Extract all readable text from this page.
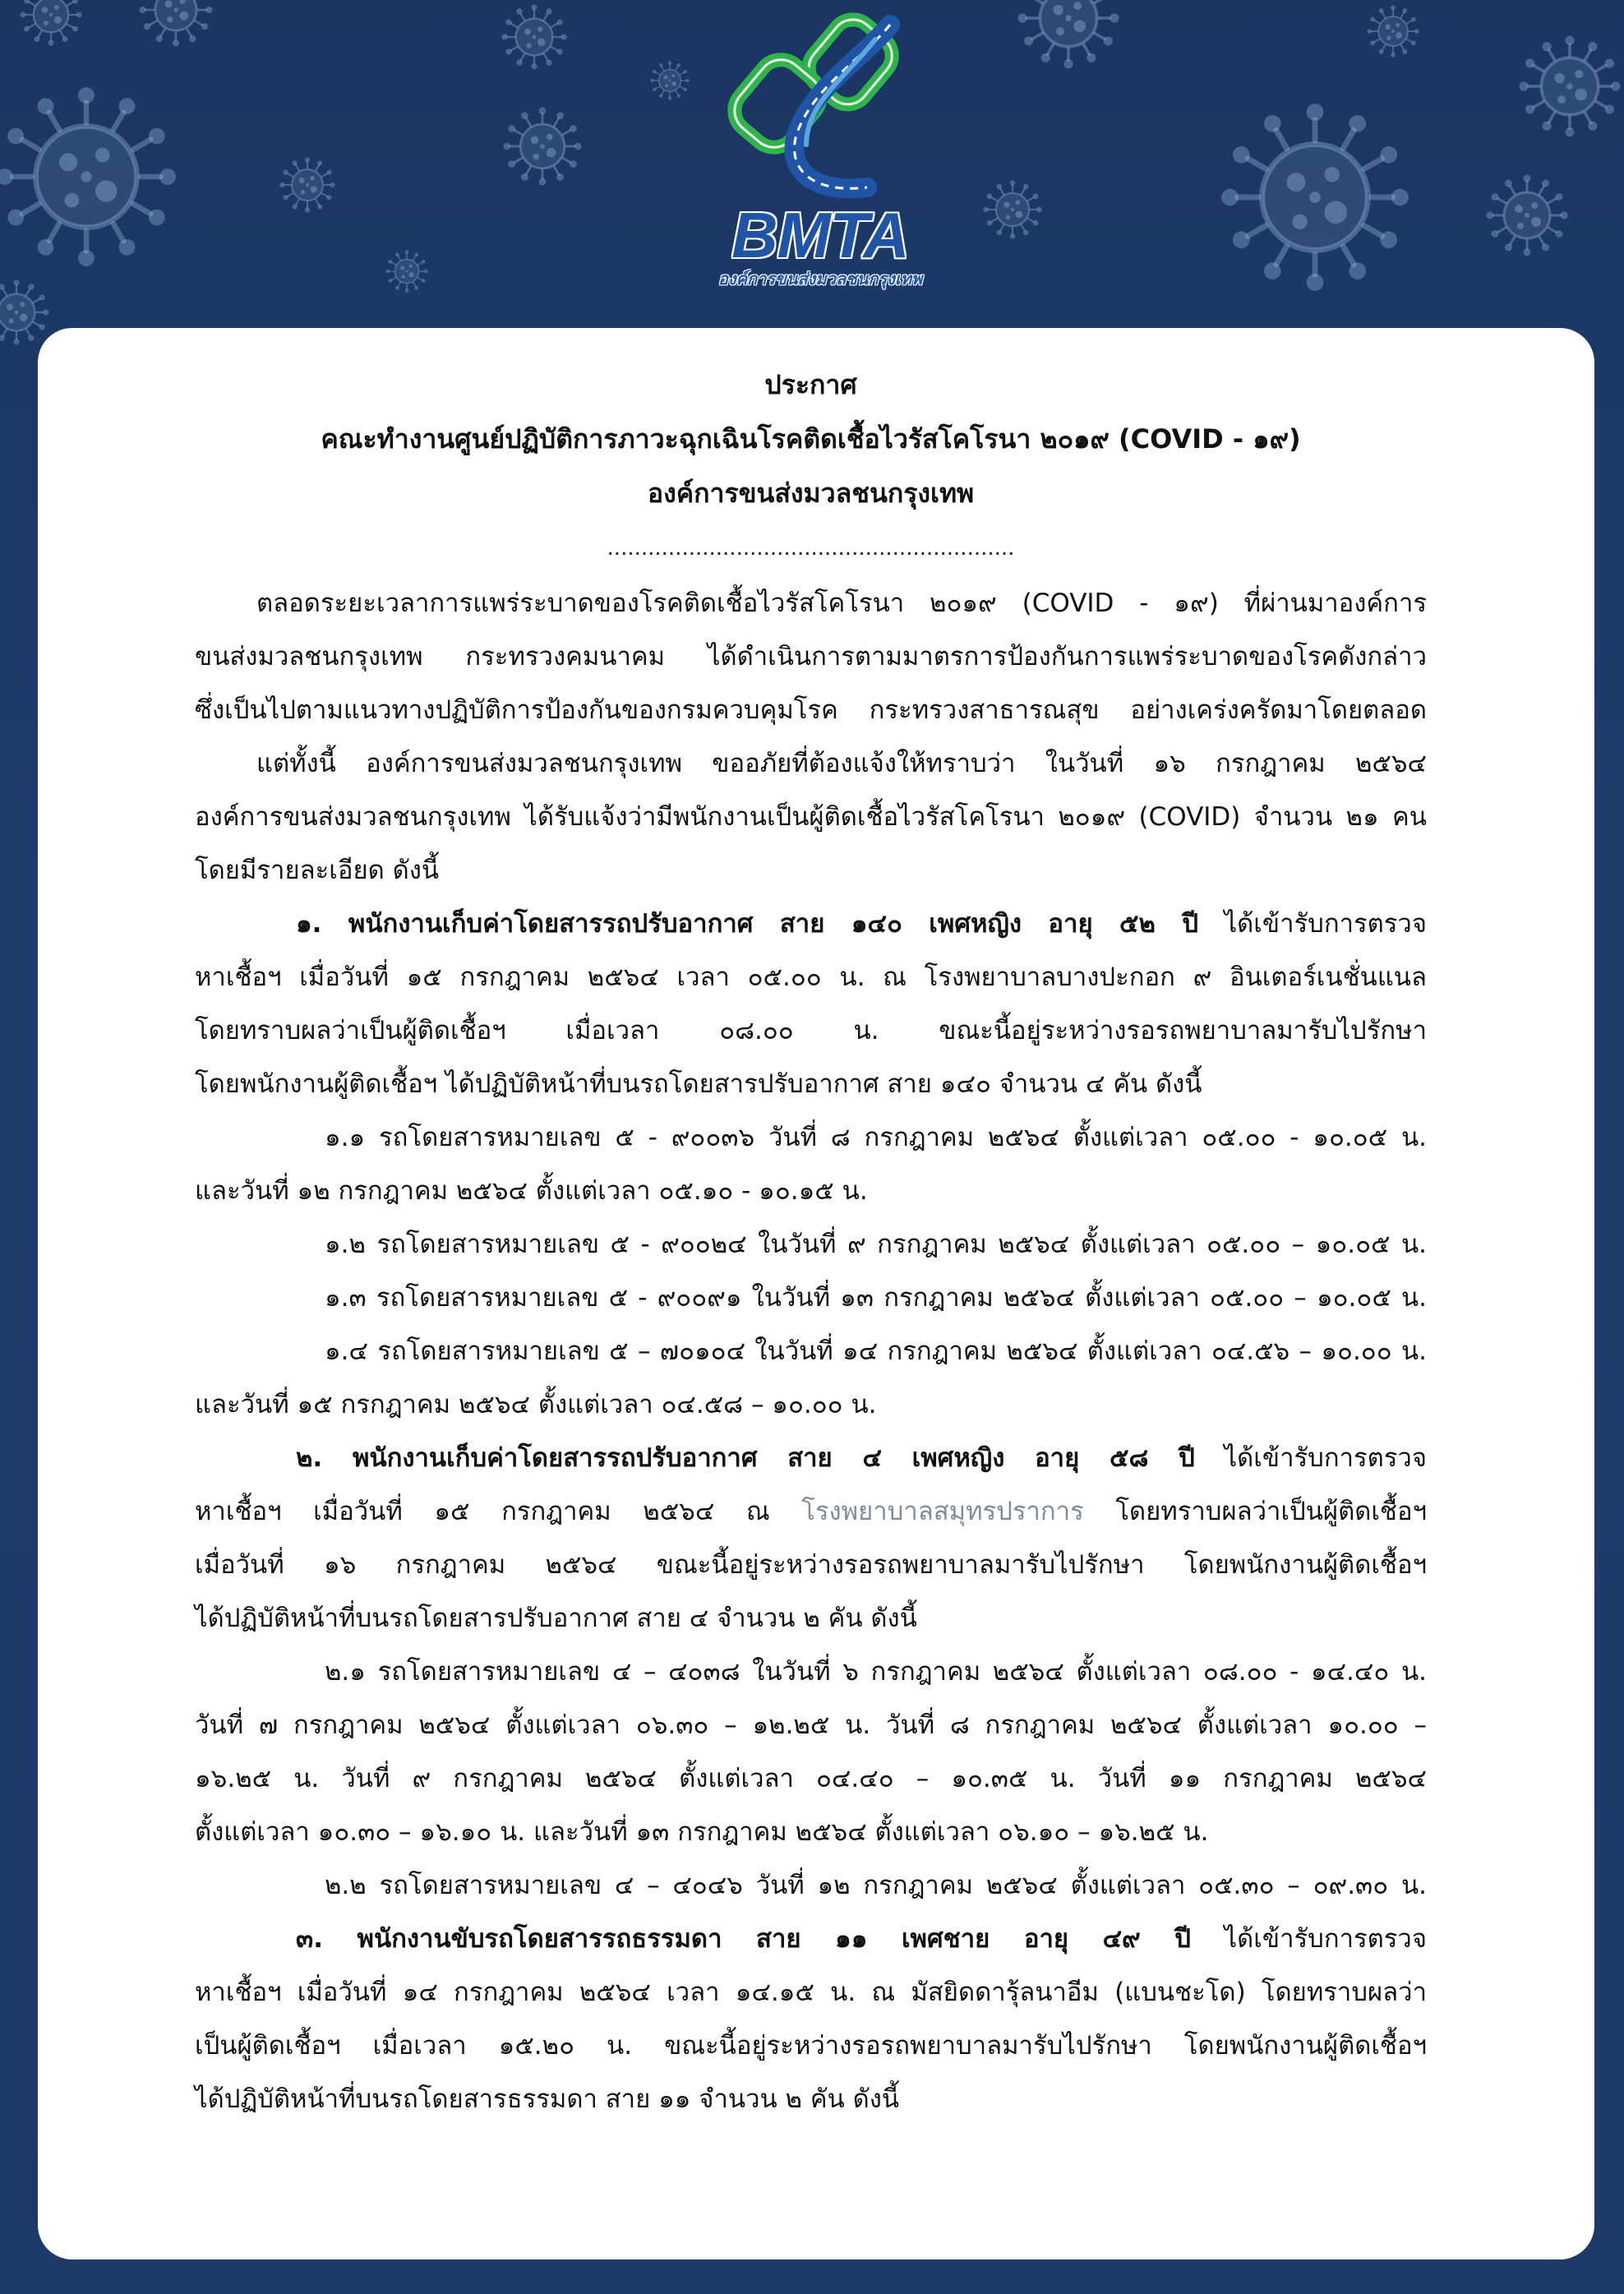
BMTA
องค์การขนส่งมวลชนกรุงเทพ
ประกาศ
คณะทำงานศูนย์ปฏิบัติการภาวะฉุกเฉินโรคติดเชื้อไวรัสโคโรนา ๒๐๑๙ (COVID - ๑๙)
องค์การขนส่งมวลชนกรุงเทพ
............................................................
ตลอดระยะเวลาการแพร่ระบาดของโรคติดเชื้อไวรัสโคโรนา ๒๐๑๙ (COVID - ๑๙) ที่ผ่านมาองค์การ
ขนส่งมวลชนกรุงเทพ กระทรวงคมนาคม ได้ดำเนินการตามมาตรการป้องกันการแพร่ระบาดของโรคดังกล่าว
ซึ่งเป็นไปตามแนวทางปฏิบัติการป้องกันของกรมควบคุมโรค กระทรวงสาธารณสุข อย่างเคร่งครัดมาโดยตลอด
แต่ทั้งนี้ องค์การขนส่งมวลชนกรุงเทพ ขออภัยที่ต้องแจ้งให้ทราบว่า ในวันที่ ๑๖ กรกฎาคม ๒๕๖๔
องค์การขนส่งมวลชนกรุงเทพ ได้รับแจ้งว่ามีพนักงานเป็นผู้ติดเชื้อไวรัสโคโรนา ๒๐๑๙ (COVID) จำนวน ๒๑ คน
โดยมีรายละเอียด ดังนี้
๑. พนักงานเก็บค่าโดยสารรถปรับอากาศ สาย ๑๔๐ เพศหญิง อายุ ๕๒ ปี ได้เข้ารับการตรวจ
หาเชื้อฯ เมื่อวันที่ ๑๕ กรกฎาคม ๒๕๖๔ เวลา ๐๕.๐๐ น. ณ โรงพยาบาลบางปะกอก ๙ อินเตอร์เนชั่นแนล
โดยทราบผลว่าเป็นผู้ติดเชื้อฯ เมื่อเวลา ๐๘.๐๐ น. ขณะนี้อยู่ระหว่างรอรถพยาบาลมารับไปรักษา
โดยพนักงานผู้ติดเชื้อฯ ได้ปฏิบัติหน้าที่บนรถโดยสารปรับอากาศ สาย ๑๔๐ จำนวน ๔ คัน ดังนี้
๑.๑ รถโดยสารหมายเลข ๕ - ๙๐๐๓๖ วันที่ ๘ กรกฎาคม ๒๕๖๔ ตั้งแต่เวลา ๐๕.๐๐ - ๑๐.๐๕ น.
และวันที่ ๑๒ กรกฎาคม ๒๕๖๔ ตั้งแต่เวลา ๐๕.๑๐ - ๑๐.๑๕ น.
๑.๒ รถโดยสารหมายเลข ๕ - ๙๐๐๒๔ ในวันที่ ๙ กรกฎาคม ๒๕๖๔ ตั้งแต่เวลา ๐๕.๐๐ – ๑๐.๐๕ น.
๑.๓ รถโดยสารหมายเลข ๕ - ๙๐๐๙๑ ในวันที่ ๑๓ กรกฎาคม ๒๕๖๔ ตั้งแต่เวลา ๐๕.๐๐ – ๑๐.๐๕ น.
๑.๔ รถโดยสารหมายเลข ๕ – ๗๐๑๐๔ ในวันที่ ๑๔ กรกฎาคม ๒๕๖๔ ตั้งแต่เวลา ๐๔.๕๖ – ๑๐.๐๐ น.
และวันที่ ๑๕ กรกฎาคม ๒๕๖๔ ตั้งแต่เวลา ๐๔.๕๘ – ๑๐.๐๐ น.
๒. พนักงานเก็บค่าโดยสารรถปรับอากาศ สาย ๔ เพศหญิง อายุ ๕๘ ปี ได้เข้ารับการตรวจ
หาเชื้อฯ เมื่อวันที่ ๑๕ กรกฎาคม ๒๕๖๔ ณ โรงพยาบาลสมุทรปราการ โดยทราบผลว่าเป็นผู้ติดเชื้อฯ
เมื่อวันที่ ๑๖ กรกฎาคม ๒๕๖๔ ขณะนี้อยู่ระหว่างรอรถพยาบาลมารับไปรักษา โดยพนักงานผู้ติดเชื้อฯ
ได้ปฏิบัติหน้าที่บนรถโดยสารปรับอากาศ สาย ๔ จำนวน ๒ คัน ดังนี้
๒.๑ รถโดยสารหมายเลข ๔ – ๔๐๓๘ ในวันที่ ๖ กรกฎาคม ๒๕๖๔ ตั้งแต่เวลา ๐๘.๐๐ - ๑๔.๔๐ น.
วันที่ ๗ กรกฎาคม ๒๕๖๔ ตั้งแต่เวลา ๐๖.๓๐ – ๑๒.๒๕ น. วันที่ ๘ กรกฎาคม ๒๕๖๔ ตั้งแต่เวลา ๑๐.๐๐ –
๑๖.๒๕ น. วันที่ ๙ กรกฎาคม ๒๕๖๔ ตั้งแต่เวลา ๐๔.๔๐ – ๑๐.๓๕ น. วันที่ ๑๑ กรกฎาคม ๒๕๖๔
ตั้งแต่เวลา ๑๐.๓๐ – ๑๖.๑๐ น. และวันที่ ๑๓ กรกฎาคม ๒๕๖๔ ตั้งแต่เวลา ๐๖.๑๐ – ๑๖.๒๕ น.
๒.๒ รถโดยสารหมายเลข ๔ – ๔๐๔๖ วันที่ ๑๒ กรกฎาคม ๒๕๖๔ ตั้งแต่เวลา ๐๕.๓๐ – ๐๙.๓๐ น.
๓. พนักงานขับรถโดยสารรถธรรมดา สาย ๑๑ เพศชาย อายุ ๔๙ ปี ได้เข้ารับการตรวจ
หาเชื้อฯ เมื่อวันที่ ๑๔ กรกฎาคม ๒๕๖๔ เวลา ๑๔.๑๕ น. ณ มัสยิดดารุ้ลนาอีม (แบนชะโด) โดยทราบผลว่า
เป็นผู้ติดเชื้อฯ เมื่อเวลา ๑๕.๒๐ น. ขณะนี้อยู่ระหว่างรอรถพยาบาลมารับไปรักษา โดยพนักงานผู้ติดเชื้อฯ
ได้ปฏิบัติหน้าที่บนรถโดยสารธรรมดา สาย ๑๑ จำนวน ๒ คัน ดังนี้
